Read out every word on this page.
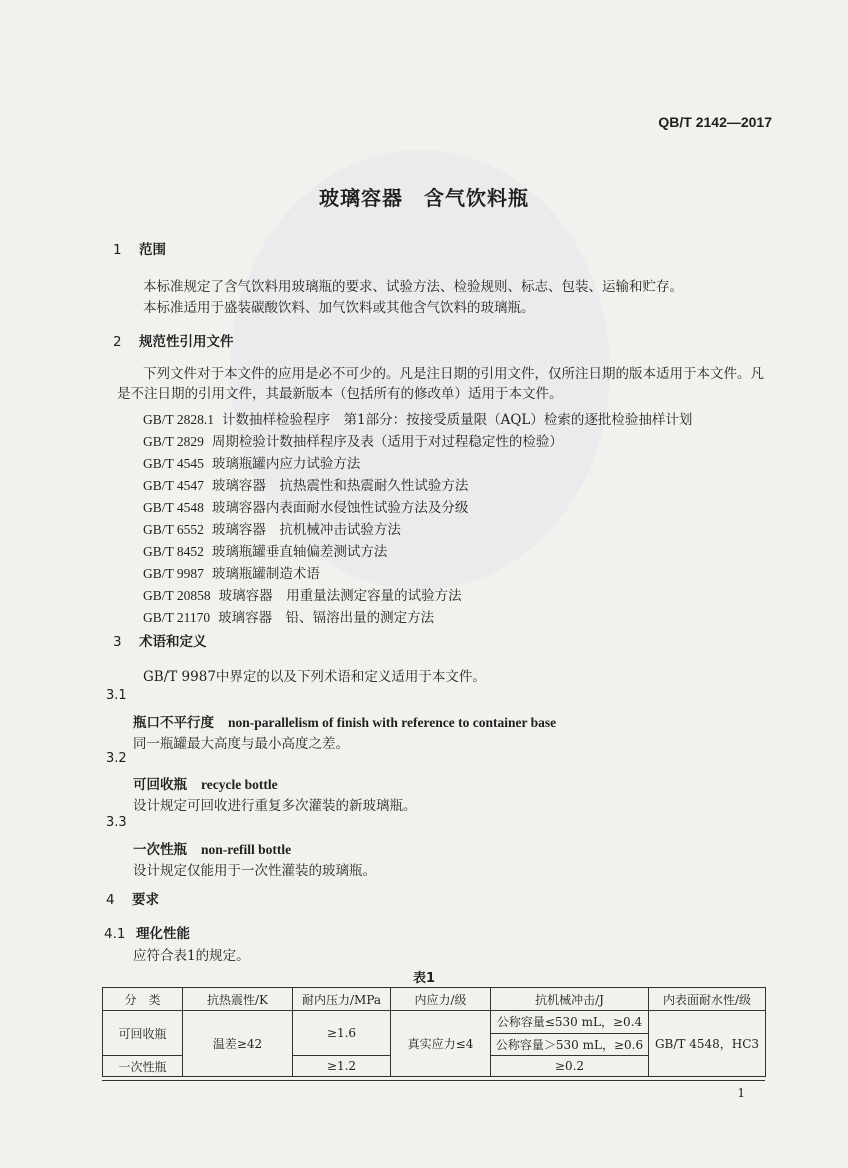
QB/T 2142—2017
玻璃容器　含气饮料瓶
1 范围
本标准规定了含气饮料用玻璃瓶的要求、试验方法、检验规则、标志、包装、运输和贮存。
本标准适用于盛装碳酸饮料、加气饮料或其他含气饮料的玻璃瓶。
2 规范性引用文件
下列文件对于本文件的应用是必不可少的。凡是注日期的引用文件，仅所注日期的版本适用于本文件。凡是不注日期的引用文件，其最新版本（包括所有的修改单）适用于本文件。
GB/T 2828.1 计数抽样检验程序　第1部分：按接受质量限（AQL）检索的逐批检验抽样计划
GB/T 2829 周期检验计数抽样程序及表（适用于对过程稳定性的检验）
GB/T 4545 玻璃瓶罐内应力试验方法
GB/T 4547 玻璃容器　抗热震性和热震耐久性试验方法
GB/T 4548 玻璃容器内表面耐水侵蚀性试验方法及分级
GB/T 6552 玻璃容器　抗机械冲击试验方法
GB/T 8452 玻璃瓶罐垂直轴偏差测试方法
GB/T 9987 玻璃瓶罐制造术语
GB/T 20858 玻璃容器　用重量法测定容量的试验方法
GB/T 21170 玻璃容器　铅、镉溶出量的测定方法
3 术语和定义
GB/T 9987中界定的以及下列术语和定义适用于本文件。
3.1
瓶口不平行度 non-parallelism of finish with reference to container base
同一瓶罐最大高度与最小高度之差。
3.2
可回收瓶 recycle bottle
设计规定可回收进行重复多次灌装的新玻璃瓶。
3.3
一次性瓶 non-refill bottle
设计规定仅能用于一次性灌装的玻璃瓶。
4 要求
4.1 理化性能
应符合表1的规定。
表1
分　类	抗热震性/K	耐内压力/MPa	内应力/级	抗机械冲击/J	内表面耐水性/级
可回收瓶	温差≥42	≥1.6	真实应力≤4	公称容量≤530 mL，≥0.4	GB/T 4548，HC3
				公称容量＞530 mL，≥0.6	
一次性瓶		≥1.2		≥0.2	
1
